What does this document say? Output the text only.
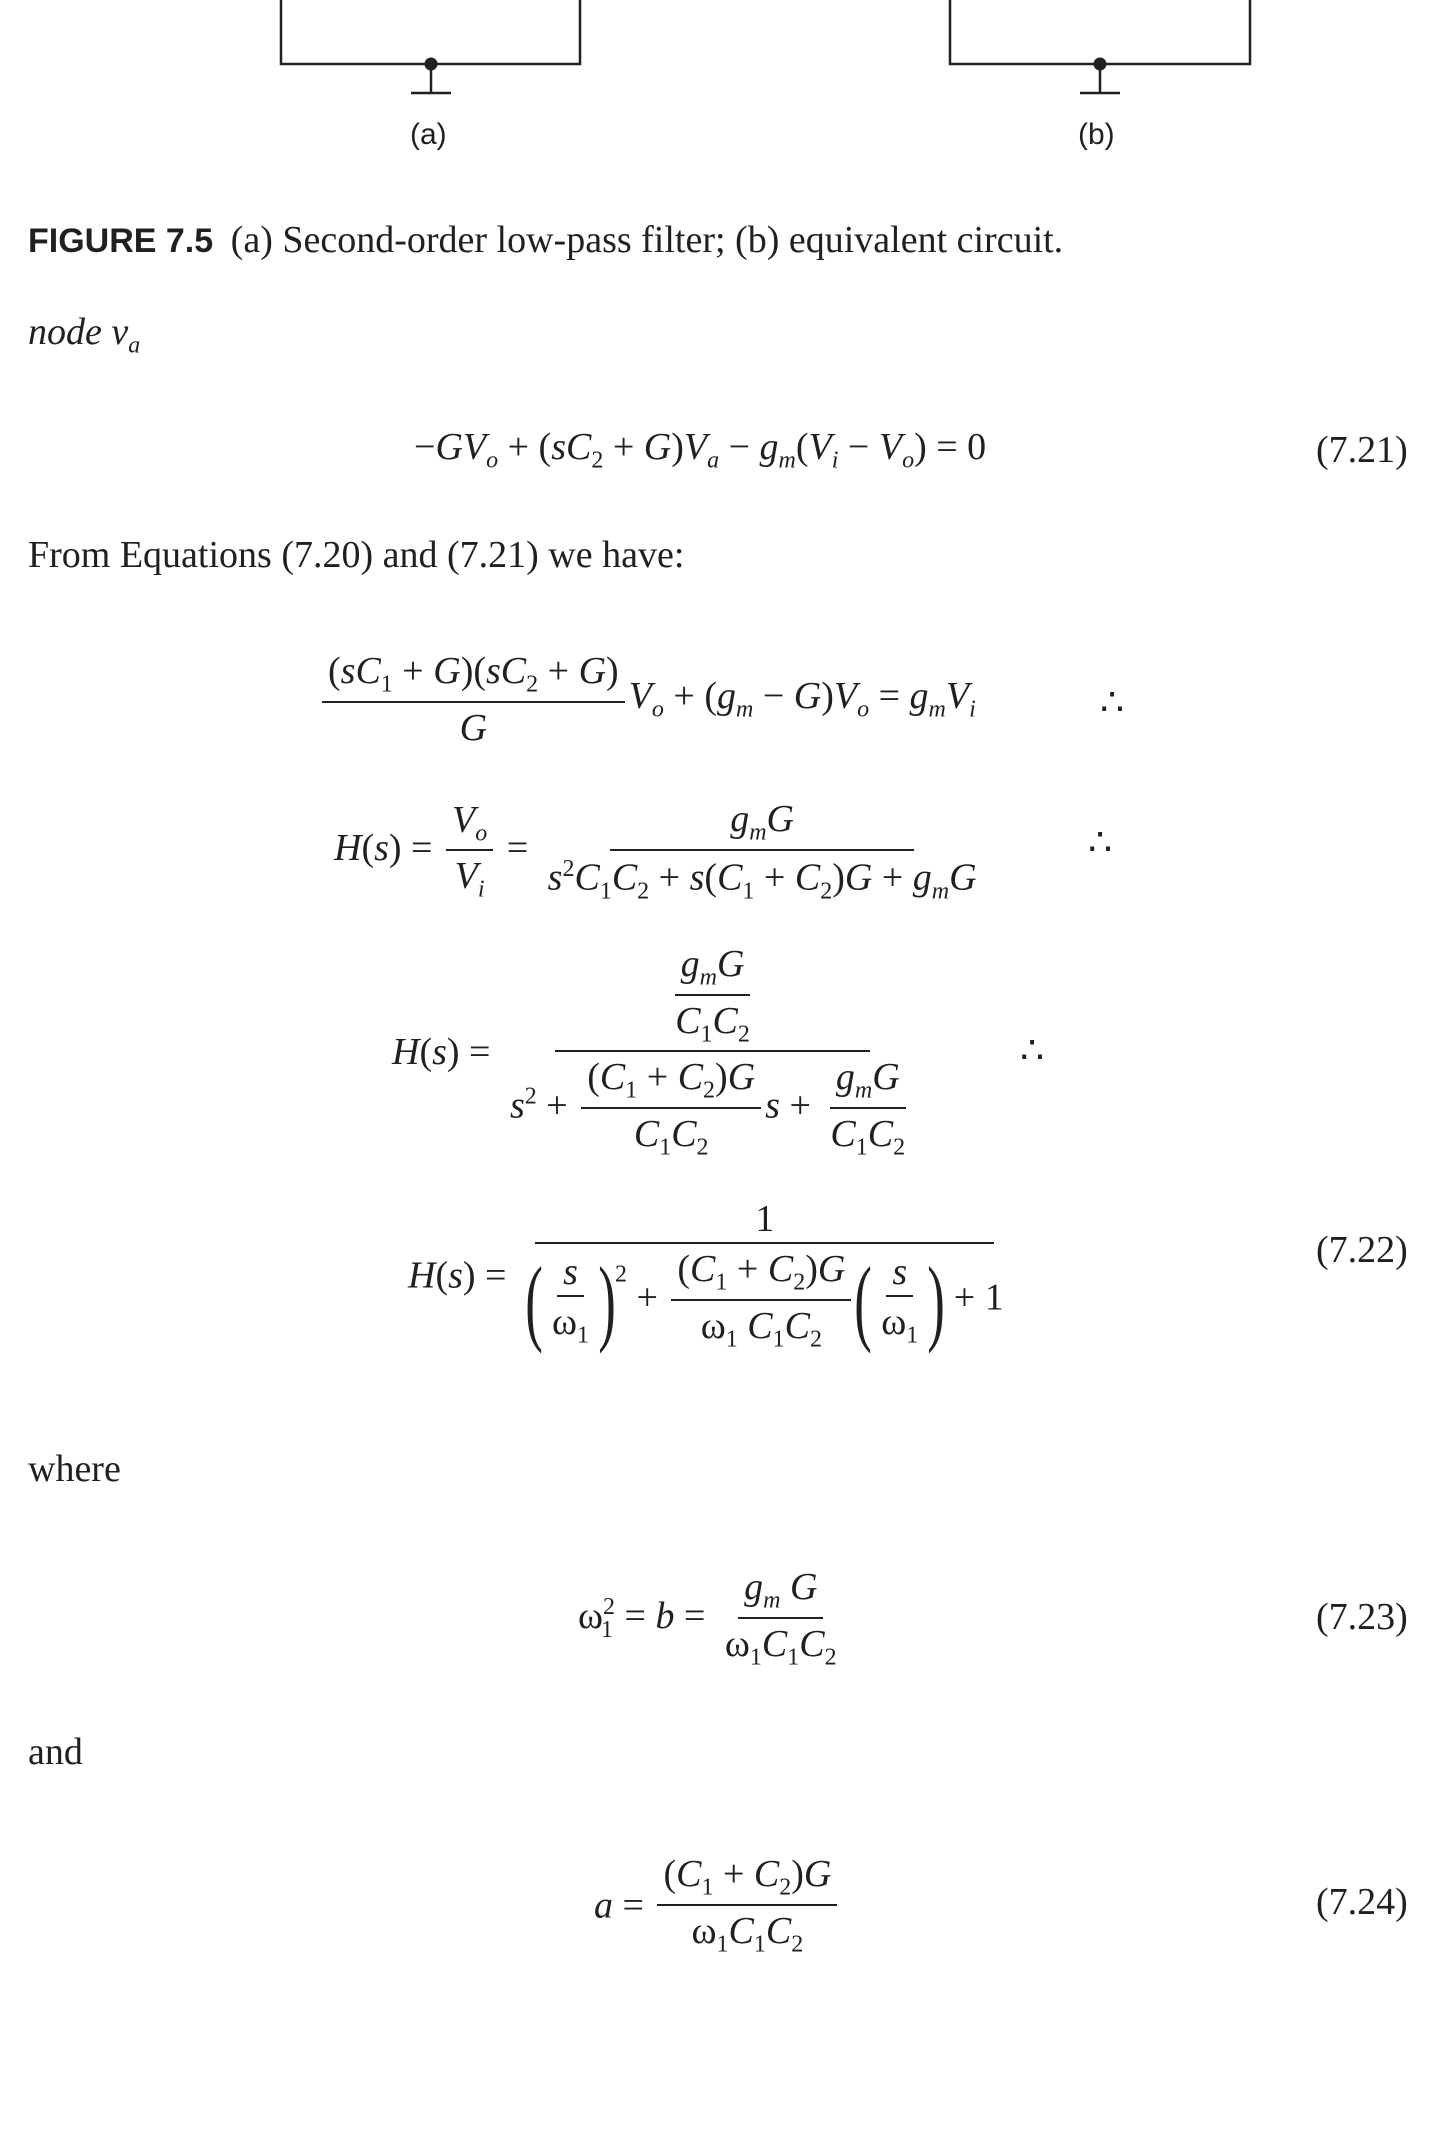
(a)	(b)
FIGURE 7.5 (a) Second-order low-pass filter; (b) equivalent circuit.
node $v_a$
$-GV_o + (sC_2 + G)V_a - g_m(V_i - V_o) = 0$	(7.21)
From Equations (7.20) and (7.21) we have:
$\frac{(sC_1 + G)(sC_2 + G)}{G} V_o + (g_m - G)V_o = g_mV_i$	∴
$H(s) = \frac{V_o}{V_i} = \frac{g_mG}{s^2C_1C_2 + s(C_1 + C_2)G + g_mG}$	∴
$H(s) = \frac{\frac{g_mG}{C_1C_2}}{s^2 + \frac{(C_1 + C_2)G}{C_1C_2} s + \frac{g_mG}{C_1C_2}}$	∴
$H(s) = \frac{1}{( \frac{s}{\omega_1} )^2 + \frac{(C_1 + C_2)G}{\omega_1 C_1C_2} ( \frac{s}{\omega_1} ) + 1}$	(7.22)
where
$\omega_1^2 = b = \frac{g_m G}{\omega_1C_1C_2}$	(7.23)
and
$a = \frac{(C_1 + C_2)G}{\omega_1C_1C_2}$	(7.24)
